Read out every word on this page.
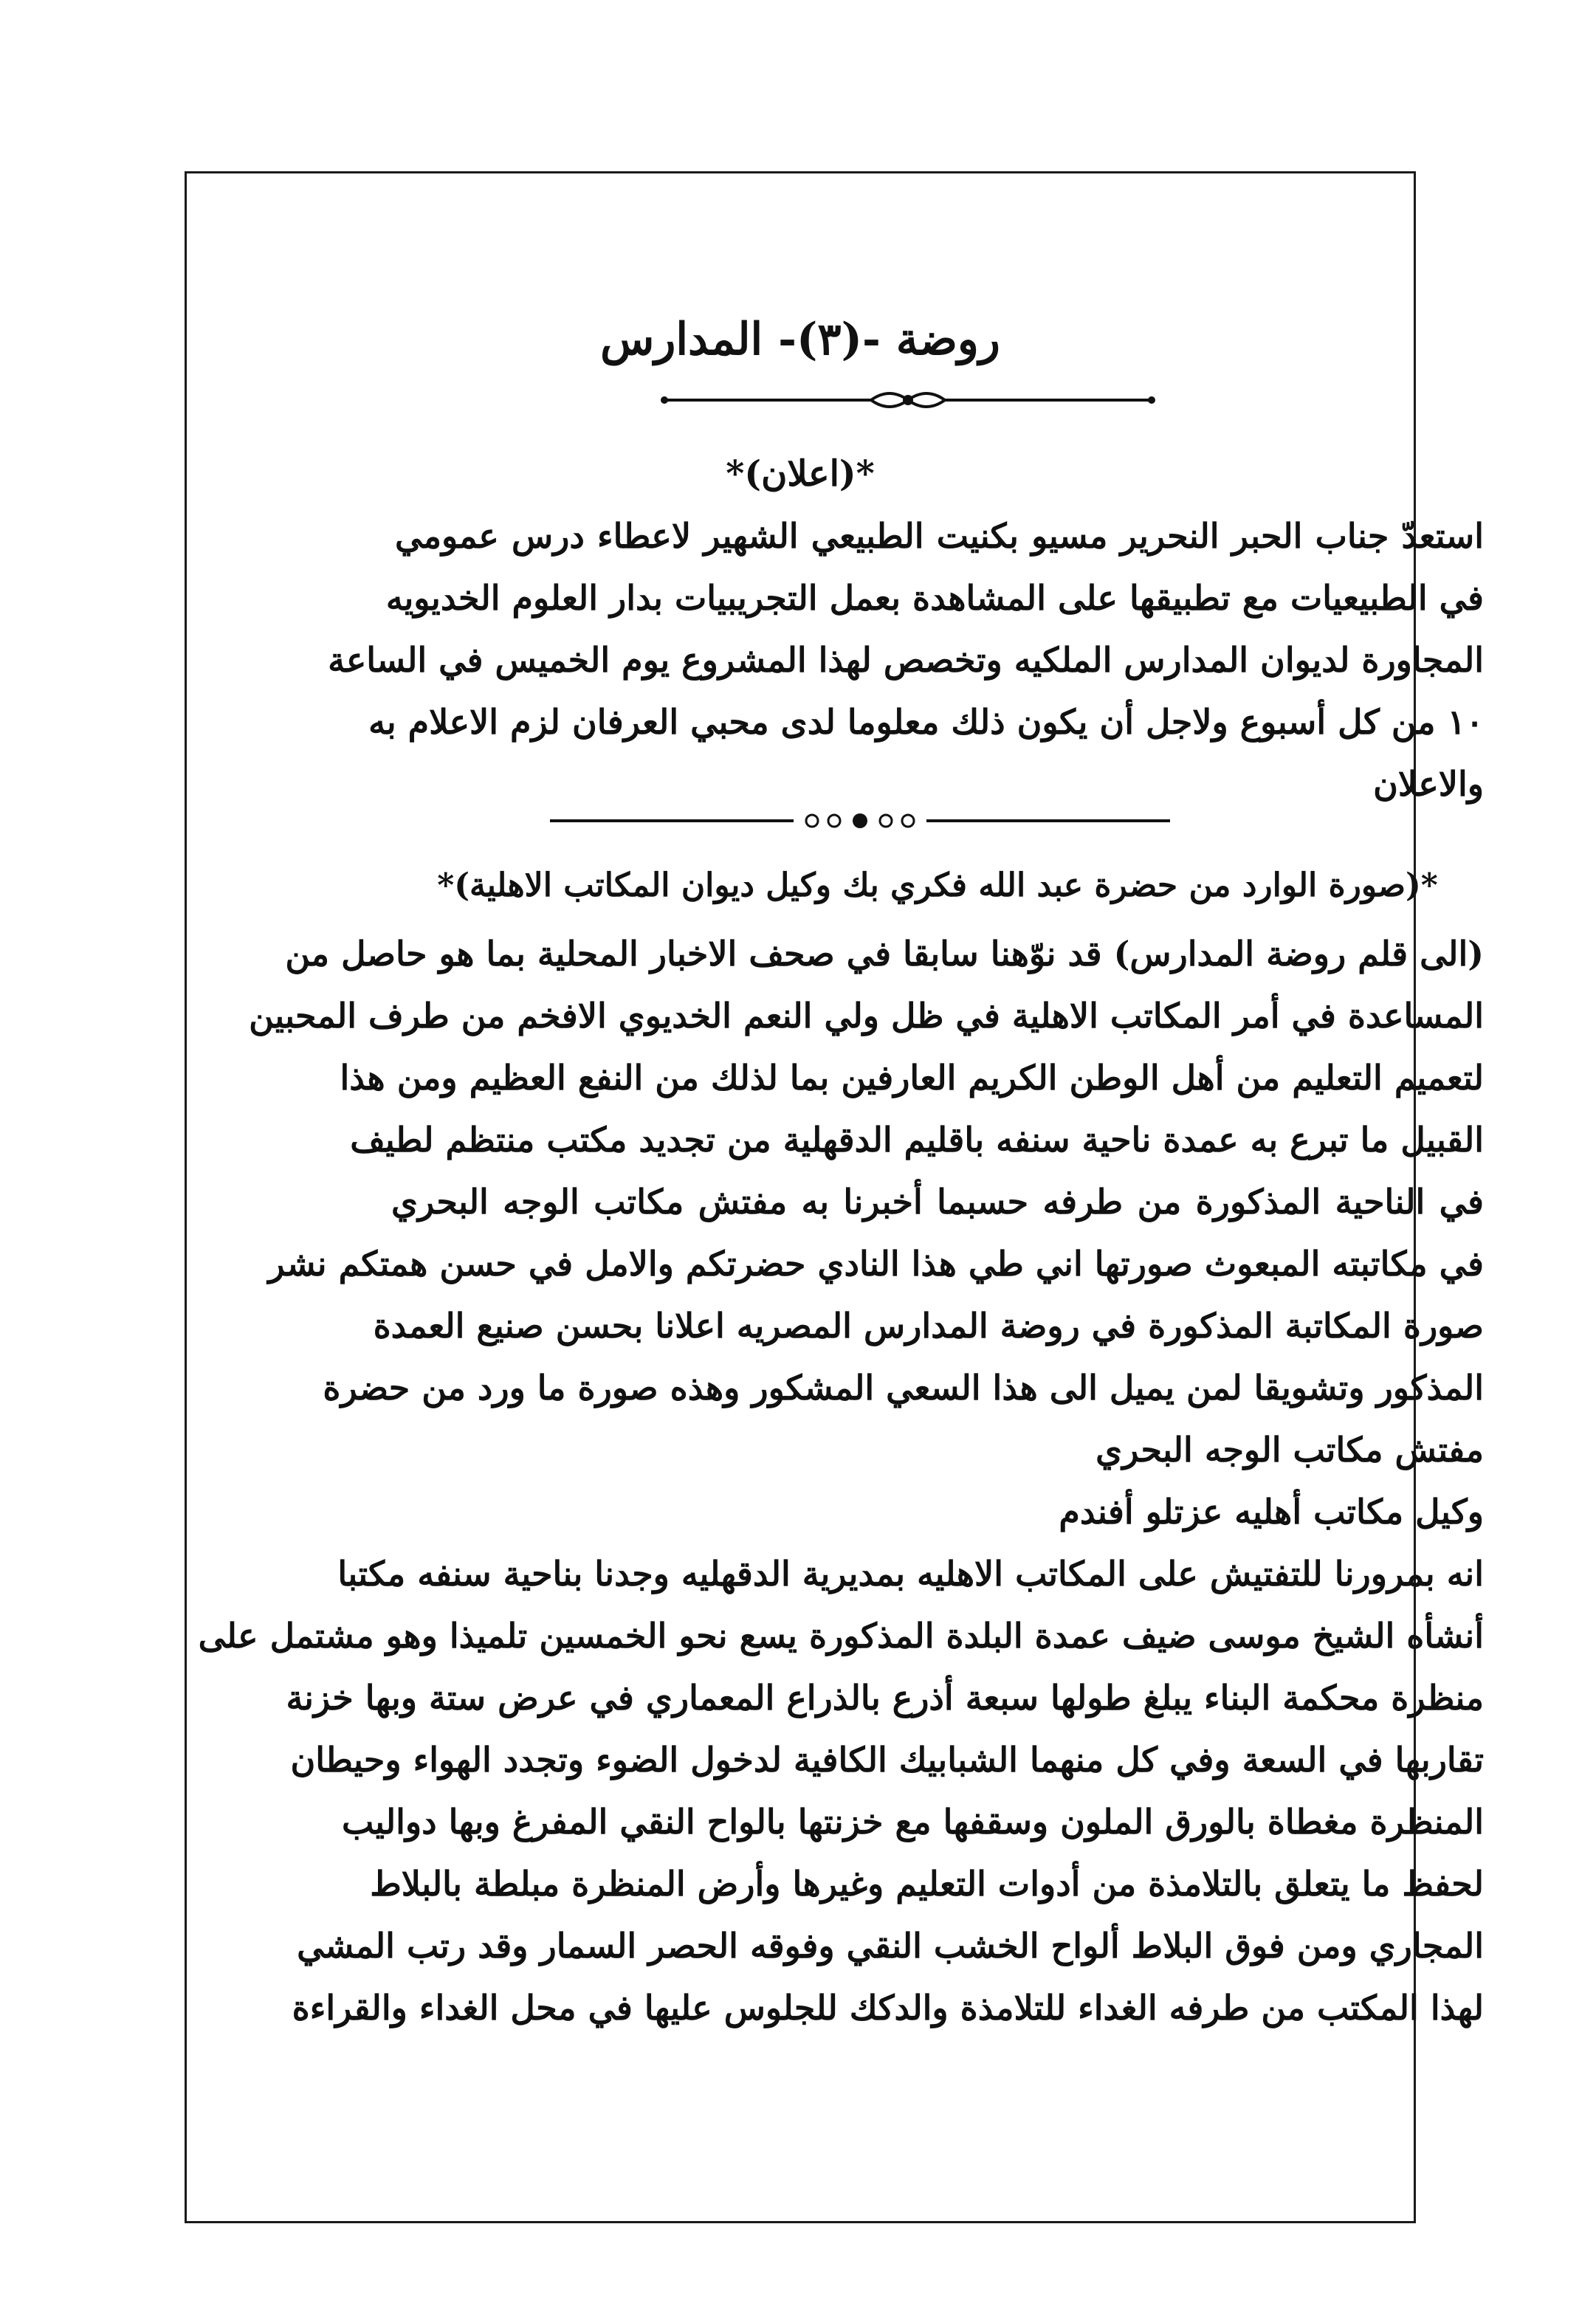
روضة -(٣)- المدارس
*(اعلان)*
استعدّ جناب الحبر النحرير مسيو بكنيت الطبيعي الشهير لاعطاء درس عمومي
في الطبيعيات مع تطبيقها على المشاهدة بعمل التجريبيات بدار العلوم الخديويه
المجاورة لديوان المدارس الملكيه وتخصص لهذا المشروع يوم الخميس في الساعة
١٠ من كل أسبوع ولاجل أن يكون ذلك معلوما لدى محبي العرفان لزم الاعلام به
والاعلان
*(صورة الوارد من حضرة عبد الله فكري بك وكيل ديوان المكاتب الاهلية)*
(الى قلم روضة المدارس) قد نوّهنا سابقا في صحف الاخبار المحلية بما هو حاصل من
المساعدة في أمر المكاتب الاهلية في ظل ولي النعم الخديوي الافخم من طرف المحبين
لتعميم التعليم من أهل الوطن الكريم العارفين بما لذلك من النفع العظيم ومن هذا
القبيل ما تبرع به عمدة ناحية سنفه باقليم الدقهلية من تجديد مكتب منتظم لطيف
في الناحية المذكورة من طرفه حسبما أخبرنا به مفتش مكاتب الوجه البحري
في مكاتبته المبعوث صورتها اني طي هذا النادي حضرتكم والامل في حسن همتكم نشر
صورة المكاتبة المذكورة في روضة المدارس المصريه اعلانا بحسن صنيع العمدة
المذكور وتشويقا لمن يميل الى هذا السعي المشكور وهذه صورة ما ورد من حضرة
مفتش مكاتب الوجه البحري
وكيل مكاتب أهليه عزتلو أفندم
انه بمرورنا للتفتيش على المكاتب الاهليه بمديرية الدقهليه وجدنا بناحية سنفه مكتبا
أنشأه الشيخ موسى ضيف عمدة البلدة المذكورة يسع نحو الخمسين تلميذا وهو مشتمل على
منظرة محكمة البناء يبلغ طولها سبعة أذرع بالذراع المعماري في عرض ستة وبها خزنة
تقاربها في السعة وفي كل منهما الشبابيك الكافية لدخول الضوء وتجدد الهواء وحيطان
المنظرة مغطاة بالورق الملون وسقفها مع خزنتها بالواح النقي المفرغ وبها دواليب
لحفظ ما يتعلق بالتلامذة من أدوات التعليم وغيرها وأرض المنظرة مبلطة بالبلاط
المجاري ومن فوق البلاط ألواح الخشب النقي وفوقه الحصر السمار وقد رتب المشي
لهذا المكتب من طرفه الغداء للتلامذة والدكك للجلوس عليها في محل الغداء والقراءة
